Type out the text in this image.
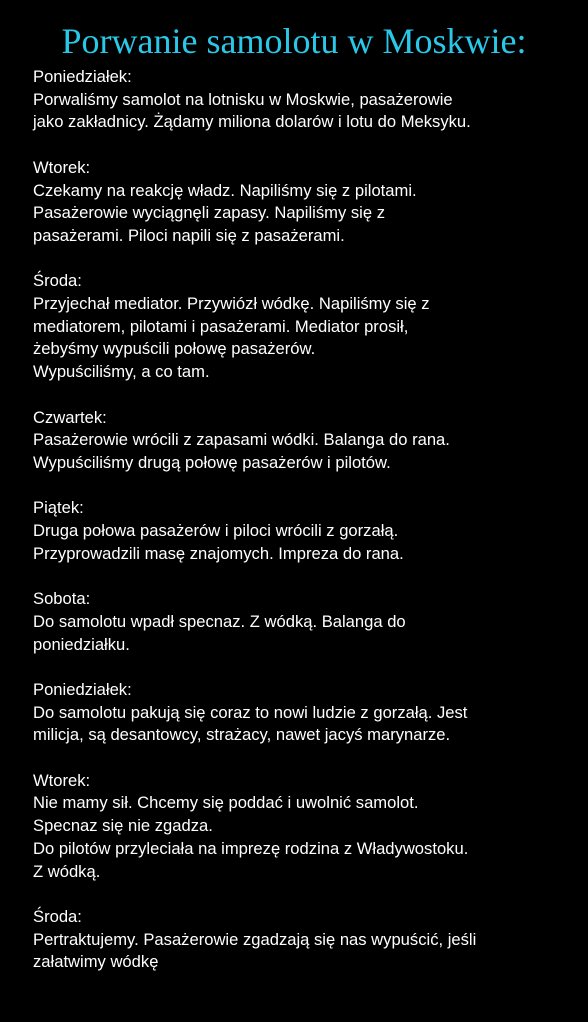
Porwanie samolotu w Moskwie:
Poniedziałek:
Porwaliśmy samolot na lotnisku w Moskwie, pasażerowie
jako zakładnicy. Żądamy miliona dolarów i lotu do Meksyku.
Wtorek:
Czekamy na reakcję władz. Napiliśmy się z pilotami.
Pasażerowie wyciągnęli zapasy. Napiliśmy się z
pasażerami. Piloci napili się z pasażerami.
Środa:
Przyjechał mediator. Przywiózł wódkę. Napiliśmy się z
mediatorem, pilotami i pasażerami. Mediator prosił,
żebyśmy wypuścili połowę pasażerów.
Wypuściliśmy, a co tam.
Czwartek:
Pasażerowie wrócili z zapasami wódki. Balanga do rana.
Wypuściliśmy drugą połowę pasażerów i pilotów.
Piątek:
Druga połowa pasażerów i piloci wrócili z gorzałą.
Przyprowadzili masę znajomych. Impreza do rana.
Sobota:
Do samolotu wpadł specnaz. Z wódką. Balanga do
poniedziałku.
Poniedziałek:
Do samolotu pakują się coraz to nowi ludzie z gorzałą. Jest
milicja, są desantowcy, strażacy, nawet jacyś marynarze.
Wtorek:
Nie mamy sił. Chcemy się poddać i uwolnić samolot.
Specnaz się nie zgadza.
Do pilotów przyleciała na imprezę rodzina z Władywostoku.
Z wódką.
Środa:
Pertraktujemy. Pasażerowie zgadzają się nas wypuścić, jeśli
załatwimy wódkę
